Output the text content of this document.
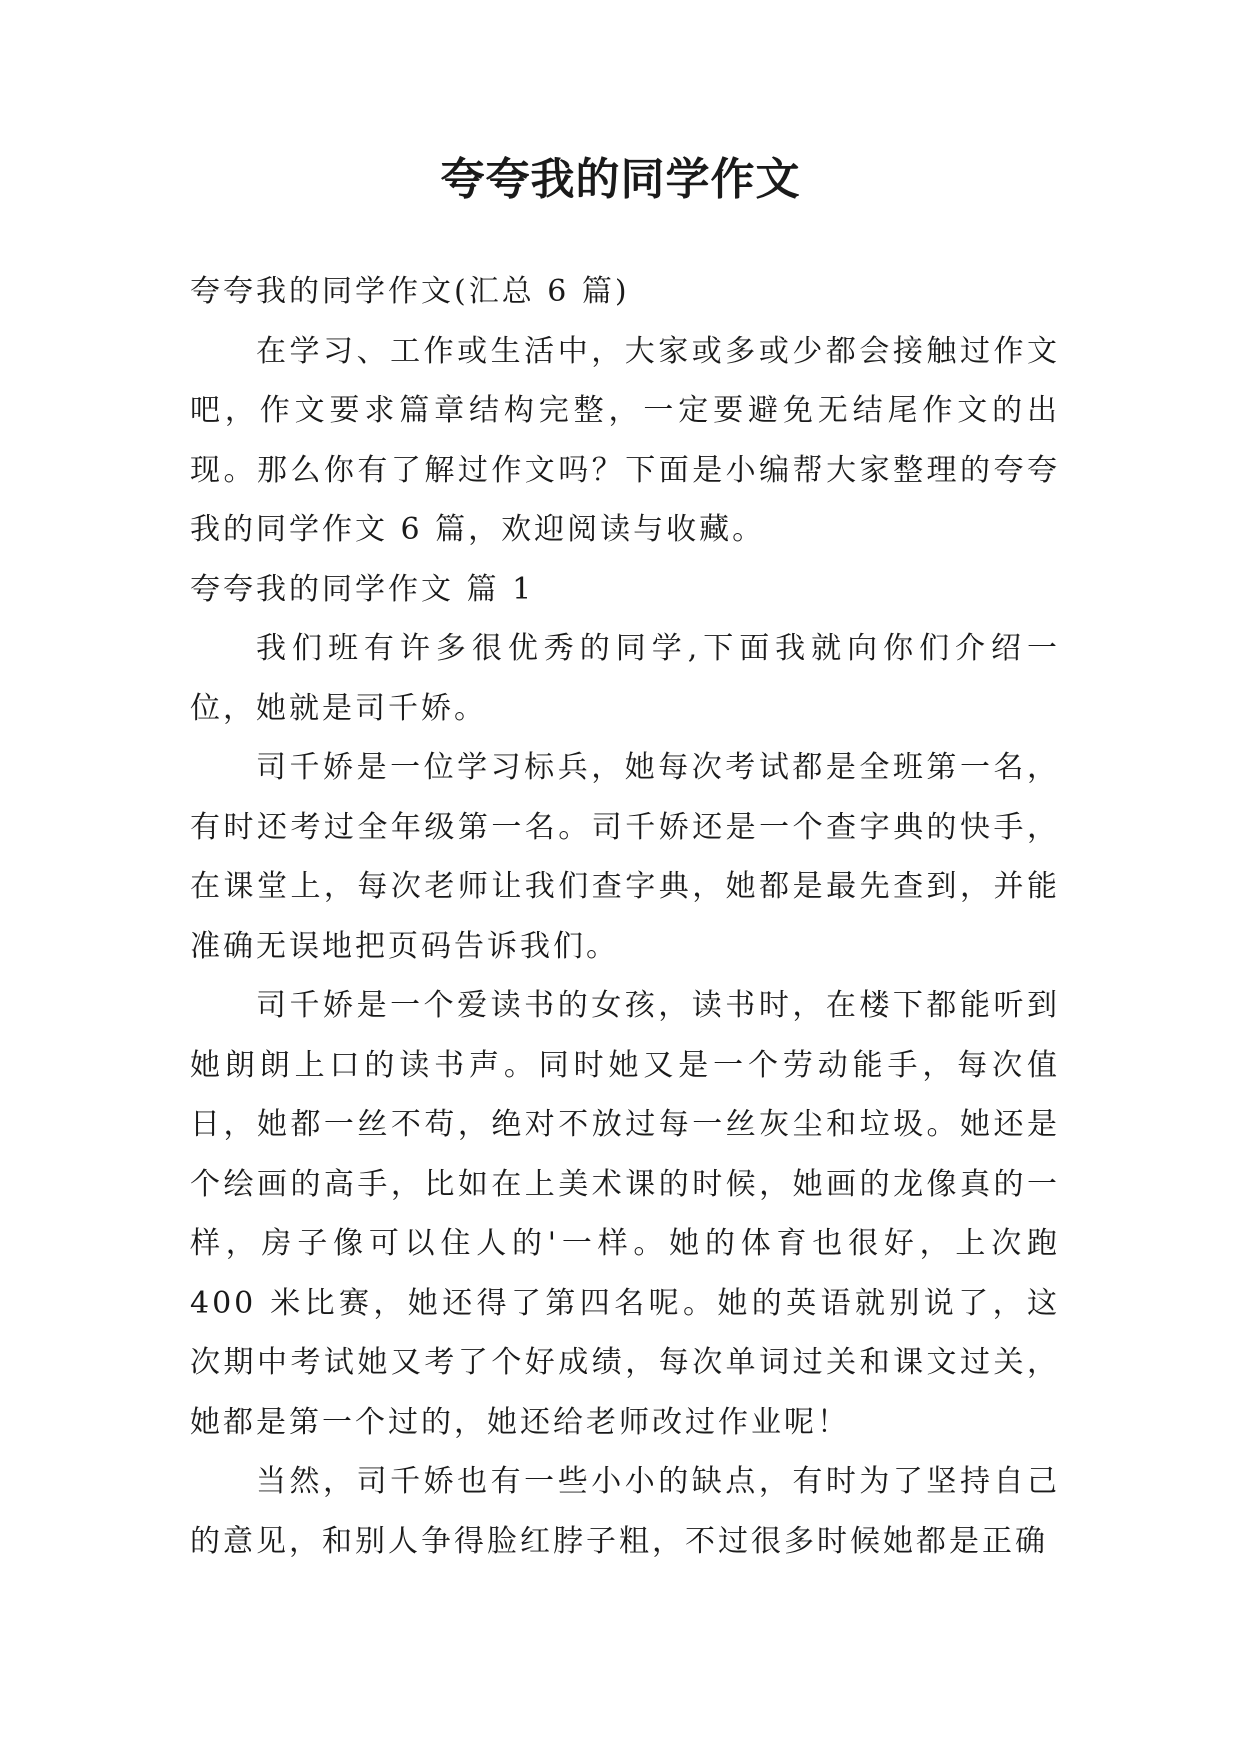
夸夸我的同学作文

夸夸我的同学作文(汇总 6 篇)

在学习、工作或生活中，大家或多或少都会接触过作文吧，作文要求篇章结构完整，一定要避免无结尾作文的出现。那么你有了解过作文吗？下面是小编帮大家整理的夸夸我的同学作文 6 篇，欢迎阅读与收藏。

夸夸我的同学作文 篇 1

我们班有许多很优秀的同学,下面我就向你们介绍一位，她就是司千娇。

司千娇是一位学习标兵，她每次考试都是全班第一名，有时还考过全年级第一名。司千娇还是一个查字典的快手，在课堂上，每次老师让我们查字典，她都是最先查到，并能准确无误地把页码告诉我们。

司千娇是一个爱读书的女孩，读书时，在楼下都能听到她朗朗上口的读书声。同时她又是一个劳动能手，每次值日，她都一丝不苟，绝对不放过每一丝灰尘和垃圾。她还是个绘画的高手，比如在上美术课的时候，她画的龙像真的一样，房子像可以住人的'一样。她的体育也很好，上次跑 400 米比赛，她还得了第四名呢。她的英语就别说了，这次期中考试她又考了个好成绩，每次单词过关和课文过关，她都是第一个过的，她还给老师改过作业呢！

当然，司千娇也有一些小小的缺点，有时为了坚持自己的意见，和别人争得脸红脖子粗，不过很多时候她都是正确
